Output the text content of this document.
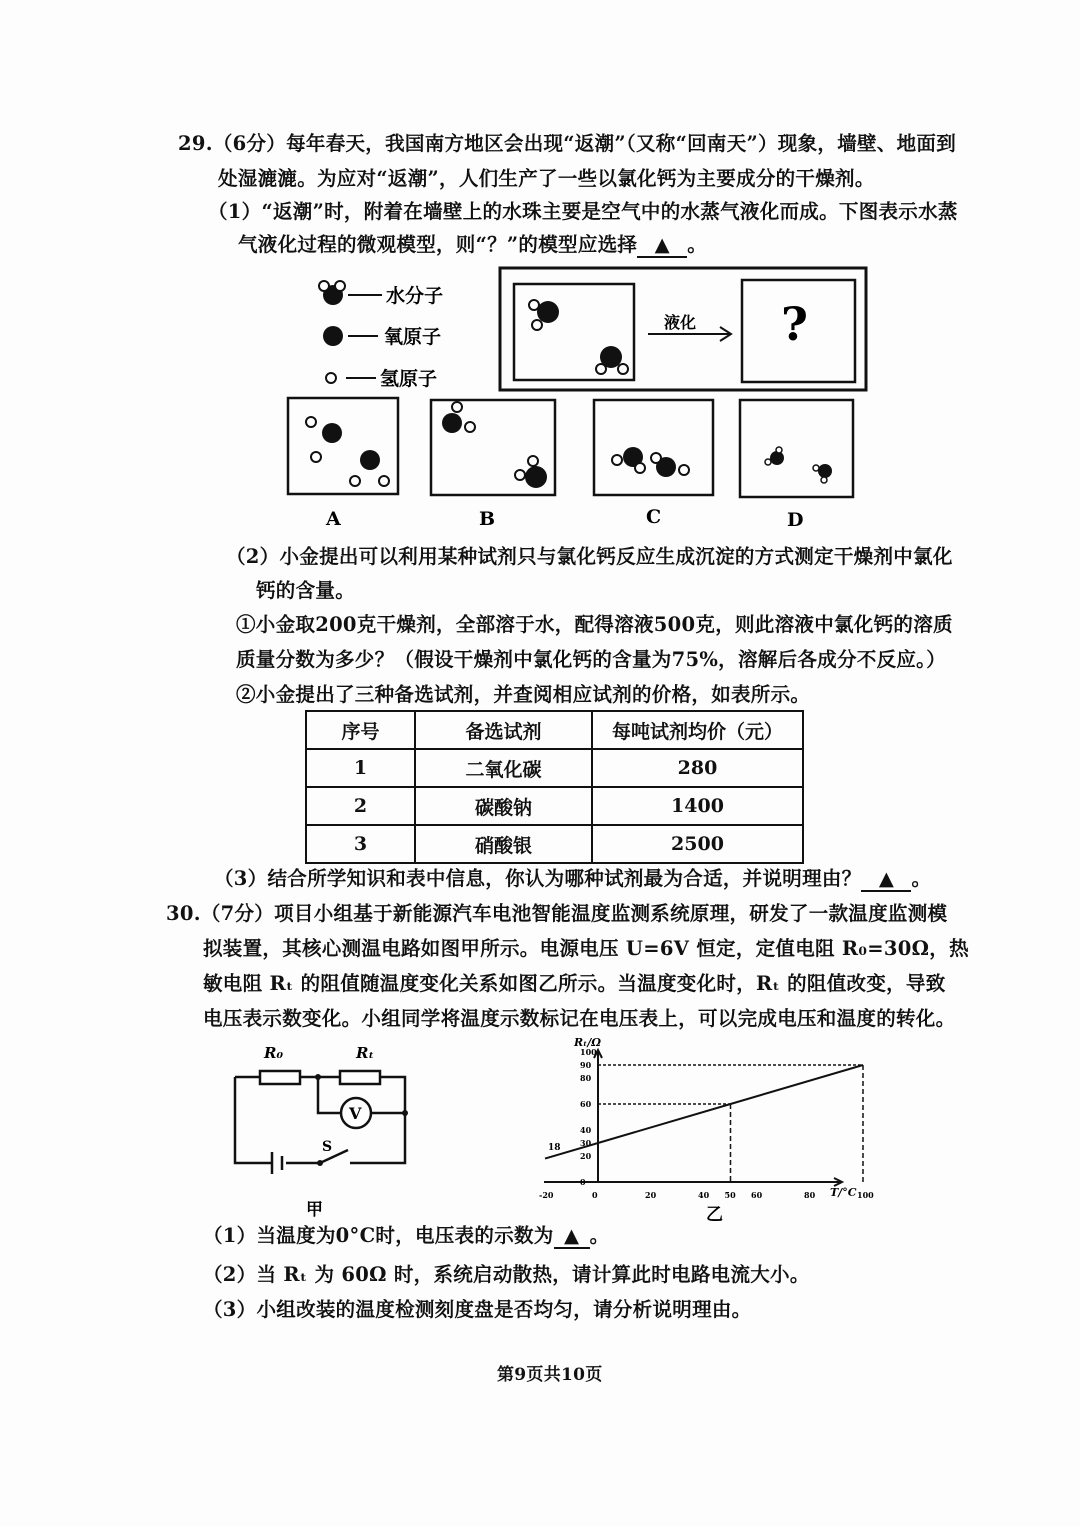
29.（6分）每年春天，我国南方地区会出现“返潮”（又称“回南天”）现象，墙壁、地面到
处湿漉漉。为应对“返潮”，人们生产了一些以氯化钙为主要成分的干燥剂。
（1）“返潮”时，附着在墙壁上的水珠主要是空气中的水蒸气液化而成。下图表示水蒸
气液化过程的微观模型，则“？”的模型应选择 ▲ 。
水分子
氧原子
氢原子
液化 ?
A	B	C	D
（2）小金提出可以利用某种试剂只与氯化钙反应生成沉淀的方式测定干燥剂中氯化
钙的含量。
①小金取200克干燥剂，全部溶于水，配得溶液500克，则此溶液中氯化钙的溶质
质量分数为多少？（假设干燥剂中氯化钙的含量为75%，溶解后各成分不反应。）
②小金提出了三种备选试剂，并查阅相应试剂的价格，如表所示。
序号	备选试剂	每吨试剂均价（元）
1	二氧化碳	280
2	碳酸钠	1400
3	硝酸银	2500
（3）结合所学知识和表中信息，你认为哪种试剂最为合适，并说明理由？ ▲ 。
30.（7分）项目小组基于新能源汽车电池智能温度监测系统原理，研发了一款温度监测模
拟装置，其核心测温电路如图甲所示。电源电压 U=6V 恒定，定值电阻 R₀=30Ω，热
敏电阻 Rₜ 的阻值随温度变化关系如图乙所示。当温度变化时，Rₜ 的阻值改变，导致
电压表示数变化。小组同学将温度示数标记在电压表上，可以完成电压和温度的转化。
R₀	Rₜ
V
S
甲
-20	0	20	40 50 60	80	100
0
20
30
40
60
80
90
100
Rₜ/Ω
T/°C
18
乙
（1）当温度为0°C时，电压表的示数为 ▲ 。
（2）当 Rₜ 为 60Ω 时，系统启动散热，请计算此时电路电流大小。
（3）小组改装的温度检测刻度盘是否均匀，请分析说明理由。
第9页共10页
